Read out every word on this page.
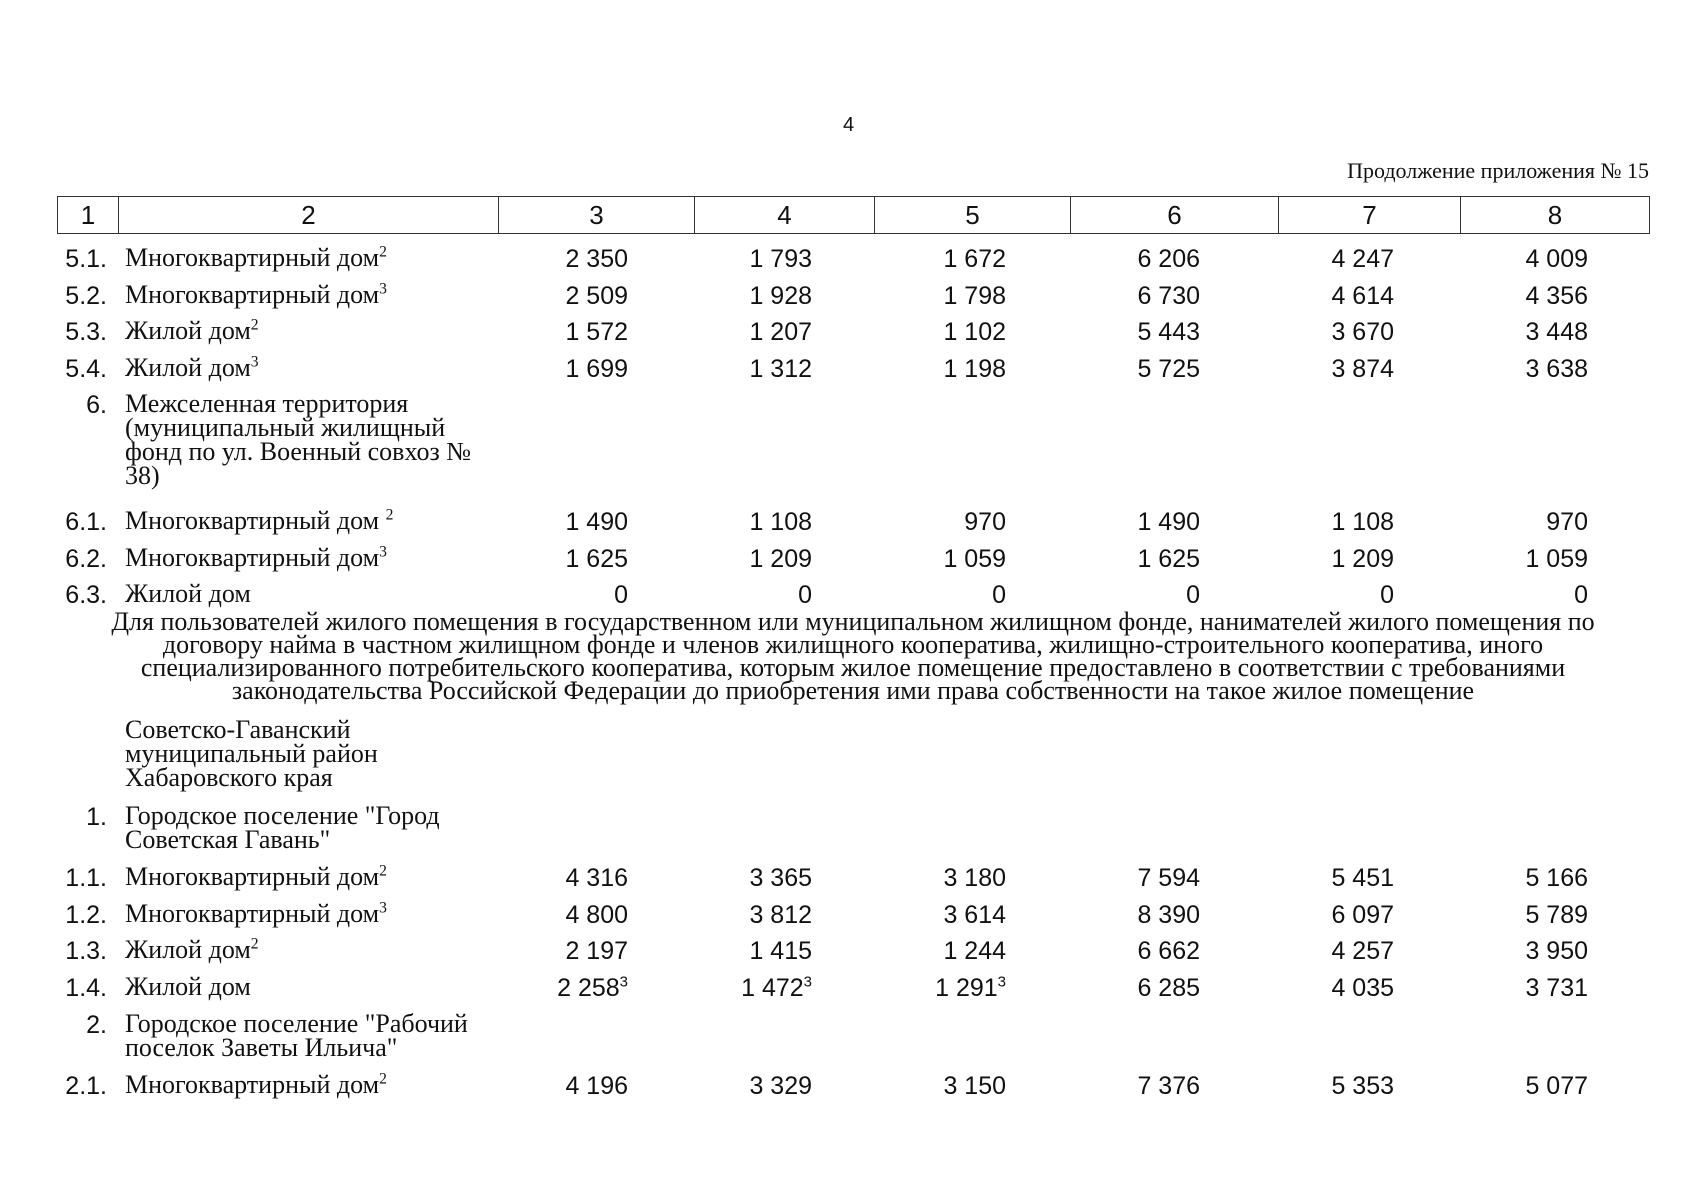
4
Продолжение приложения № 15
1	2	3	4	5	6	7	8
5.1. Многоквартирный дом$^2$	2 350	1 793	1 672	6 206	4 247	4 009
5.2. Многоквартирный дом$^3$	2 509	1 928	1 798	6 730	4 614	4 356
5.3. Жилой дом$^2$	1 572	1 207	1 102	5 443	3 670	3 448
5.4. Жилой дом$^3$	1 699	1 312	1 198	5 725	3 874	3 638
6. Межселенная территория (муниципальный жилищный фонд по ул. Военный совхоз № 38)
6.1. Многоквартирный дом $^2$	1 490	1 108	970	1 490	1 108	970
6.2. Многоквартирный дом$^3$	1 625	1 209	1 059	1 625	1 209	1 059
6.3. Жилой дом	0	0	0	0	0	0
Для пользователей жилого помещения в государственном или муниципальном жилищном фонде, нанимателей жилого помещения по договору найма в частном жилищном фонде и членов жилищного кооператива, жилищно-строительного кооператива, иного специализированного потребительского кооператива, которым жилое помещение предоставлено в соответствии с требованиями законодательства Российской Федерации до приобретения ими права собственности на такое жилое помещение
Советско-Гаванский муниципальный район Хабаровского края
1. Городское поселение "Город Советская Гавань"
1.1. Многоквартирный дом$^2$	4 316	3 365	3 180	7 594	5 451	5 166
1.2. Многоквартирный дом$^3$	4 800	3 812	3 614	8 390	6 097	5 789
1.3. Жилой дом$^2$	2 197	1 415	1 244	6 662	4 257	3 950
1.4. Жилой дом	2 $258^3$	1 $472^3$	1 $291^3$	6 285	4 035	3 731
2. Городское поселение "Рабочий поселок Заветы Ильича"
2.1. Многоквартирный дом$^2$	4 196	3 329	3 150	7 376	5 353	5 077
